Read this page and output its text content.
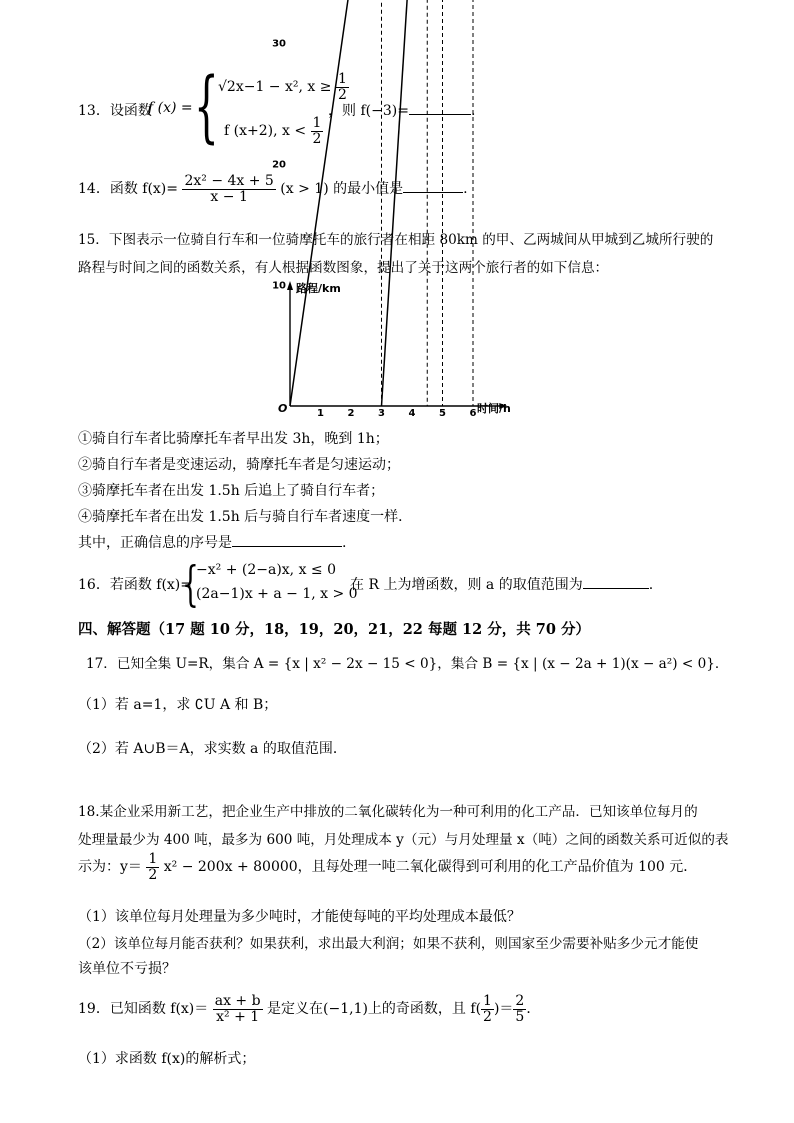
13．设函数
f (x) = { √2x−1 − x², $x \ge \frac{1}{2}$
f (x+2), $x < \frac{1}{2}$
，则 f(−3)=	.
14．函数 $f(x)= \frac{\text{2x² − 4x + 5}}{x - 1} (x > 1)$ 的最小值是	.
15．下图表示一位骑自行车和一位骑摩托车的旅行者在相距 80km 的甲、乙两城间从甲城到乙城所行驶的
路程与时间之间的函数关系，有人根据函数图象，提出了关于这两个旅行者的如下信息：
路程/km
时间/h
O
10
20
30
1 2 3 4 5 6
①骑自行车者比骑摩托车者早出发 3h，晚到 1h；
②骑自行车者是变速运动，骑摩托车者是匀速运动；
③骑摩托车者在出发 1.5h 后追上了骑自行车者；
④骑摩托车者在出发 1.5h 后与骑自行车者速度一样．
其中，正确信息的序号是	.
16．若函数 f(x)=
{
−x² + (2−a)x, x ≤ 0
(2a−1)x + a − 1, x > 0
在 R 上为增函数，则 a 的取值范围为	.
四、解答题（17 题 10 分，18，19，20，21，22 每题 12 分，共 70 分）
17．已知全集 U=R，集合 A = {x | x² − 2x − 15 < 0}，集合 B = {x | (x − 2a + 1)(x − a²) < 0}．
（1）若 a=1，求 ∁U A 和 B；
（2）若 A∪B＝A，求实数 a 的取值范围．
18.某企业采用新工艺，把企业生产中排放的二氧化碳转化为一种可利用的化工产品．已知该单位每月的
处理量最少为 400 吨，最多为 600 吨，月处理成本 y（元）与月处理量 x（吨）之间的函数关系可近似的表
示为：$y= \frac{1}{2} x^2 - 200x + 80000$，且每处理一吨二氧化碳得到可利用的化工产品价值为 100 元．
（1）该单位每月处理量为多少吨时，才能使每吨的平均处理成本最低？
（2）该单位每月能否获利？如果获利，求出最大利润；如果不获利，则国家至少需要补贴多少元才能使
该单位不亏损？
19．已知函数 $f(x)= \frac{ax + b}{\text{x² + 1}}$ 是定义在(−1,1)上的奇函数，且 $f( \frac{1}{2}$ )＝ $\frac{2}{5}$ ．
（1）求函数 f(x)的解析式；
